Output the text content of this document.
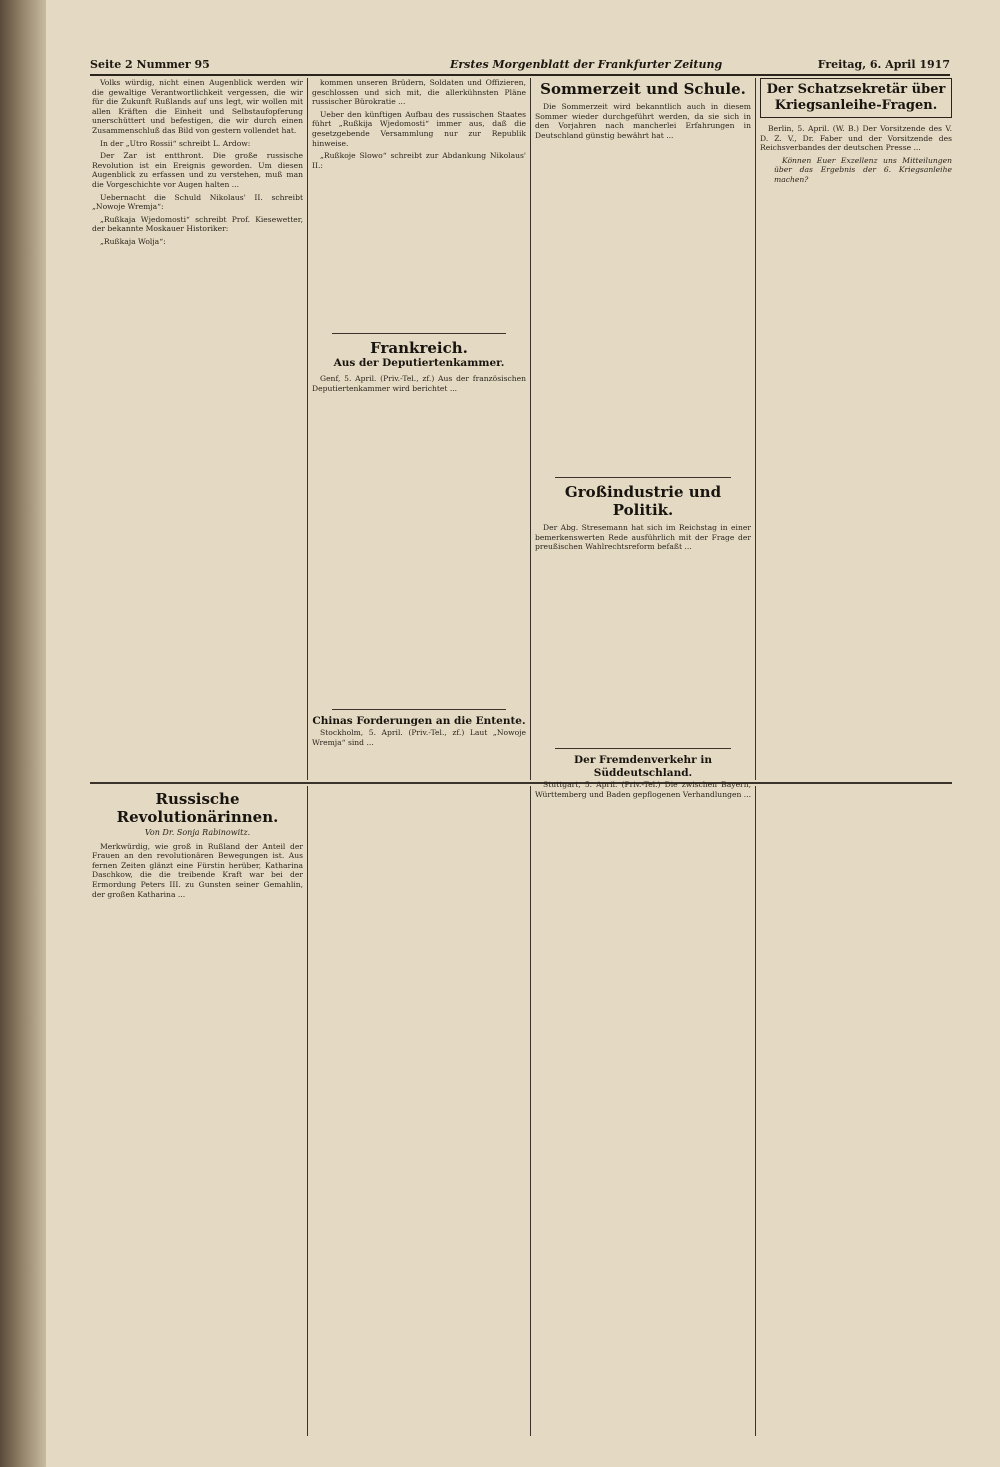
Seite 2 Nummer 95	Erstes Morgenblatt der Frankfurter Zeitung	Freitag, 6. April 1917

Volks würdig, nicht einen Augenblick werden wir die gewaltige Verantwortlichkeit vergessen, die wir für die Zukunft Rußlands auf uns legt, wir wollen mit allen Kräften die Einheit und Selbstaufopferung unerschüttert und befestigen, die wir durch einen Zusammenschluß das Bild von gestern vollendet hat.

In der „Utro Rossii“ schreibt L. Ardow:

Der Zar ist entthront. Die große russische Revolution ist ein Ereignis geworden. Um diesen Augenblick zu erfassen und zu verstehen, muß man die Vorgeschichte vor Augen halten ...

Uebernacht die Schuld Nikolaus' II. schreibt „Nowoje Wremja“:

„Rußkaja Wjedomosti“ schreibt Prof. Kiesewetter, der bekannte Moskauer Historiker:

„Rußkaja Wolja“:

kommen unseren Brüdern, Soldaten und Offizieren, geschlossen und sich mit, die allerkühnsten Pläne russischer Bürokratie ...

Ueber den künftigen Aufbau des russischen Staates führt „Rußkija Wjedomosti“ immer aus, daß die gesetzgebende Versammlung nur zur Republik hinweise.

„Rußkoje Slowo“ schreibt zur Abdankung Nikolaus' II.:

Frankreich.
Aus der Deputiertenkammer.

Genf, 5. April. (Priv.-Tel., zf.) Aus der französischen Deputiertenkammer wird berichtet ...

Chinas Forderungen an die Entente.

Stockholm, 5. April. (Priv.-Tel., zf.) Laut „Nowoje Wremja“ sind ...

Sommerzeit und Schule.

Die Sommerzeit wird bekanntlich auch in diesem Sommer wieder durchgeführt werden, da sie sich in den Vorjahren nach mancherlei Erfahrungen in Deutschland günstig bewährt hat ...

Großindustrie und Politik.

Der Abg. Stresemann hat sich im Reichstag in einer bemerkenswerten Rede ausführlich mit der Frage der preußischen Wahlrechtsreform befaßt ...

Der Fremdenverkehr in Süddeutschland.

Stuttgart, 5. April. (Priv.-Tel.) Die zwischen Bayern, Württemberg und Baden gepflogenen Verhandlungen ...

Der Schatzsekretär über Kriegsanleihe-Fragen.

Berlin, 5. April. (W. B.) Der Vorsitzende des V. D. Z. V., Dr. Faber und der Vorsitzende des Reichsverbandes der deutschen Presse ...

Können Euer Exzellenz uns Mitteilungen über das Ergebnis der 6. Kriegsanleihe machen?

Russische Revolutionärinnen.
Von Dr. Sonja Rabinowitz.

Merkwürdig, wie groß in Rußland der Anteil der Frauen an den revolutionären Bewegungen ist. Aus fernen Zeiten glänzt eine Fürstin herüber, Katharina Daschkow, die die treibende Kraft war bei der Ermordung Peters III. zu Gunsten seiner Gemahlin, der großen Katharina ...
